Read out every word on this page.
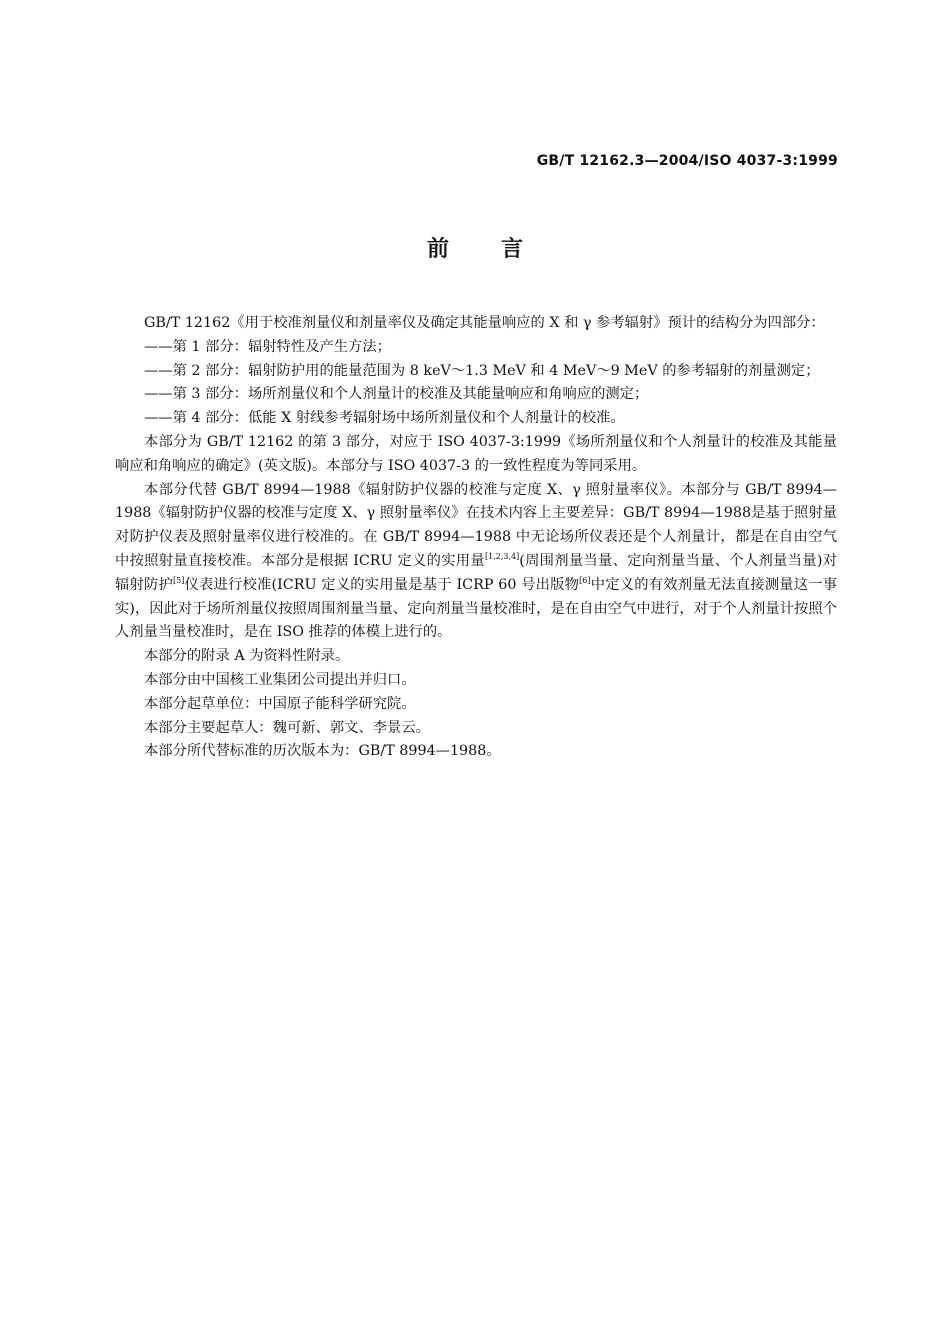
GB/T 12162.3—2004/ISO 4037-3:1999
前言

GB/T 12162《用于校准剂量仪和剂量率仪及确定其能量响应的 X 和 γ 参考辐射》预计的结构分为四部分：

——第 1 部分：辐射特性及产生方法；

——第 2 部分：辐射防护用的能量范围为 8 keV～1.3 MeV 和 4 MeV～9 MeV 的参考辐射的剂量测定；

——第 3 部分：场所剂量仪和个人剂量计的校准及其能量响应和角响应的测定；

——第 4 部分：低能 X 射线参考辐射场中场所剂量仪和个人剂量计的校准。

本部分为 GB/T 12162 的第 3 部分，对应于 ISO 4037-3:1999《场所剂量仪和个人剂量计的校准及其能量响应和角响应的确定》(英文版)。本部分与 ISO 4037-3 的一致性程度为等同采用。

本部分代替 GB/T 8994—1988《辐射防护仪器的校准与定度 X、γ 照射量率仪》。本部分与 GB/T 8994—1988《辐射防护仪器的校准与定度 X、γ 照射量率仪》在技术内容上主要差异：GB/T 8994—1988是基于照射量对防护仪表及照射量率仪进行校准的。在 GB/T 8994—1988 中无论场所仪表还是个人剂量计，都是在自由空气中按照射量直接校准。本部分是根据 ICRU 定义的实用量[1,2,3,4](周围剂量当量、定向剂量当量、个人剂量当量)对辐射防护[5]仪表进行校准(ICRU 定义的实用量是基于 ICRP 60 号出版物[6]中定义的有效剂量无法直接测量这一事实)，因此对于场所剂量仪按照周围剂量当量、定向剂量当量校准时，是在自由空气中进行，对于个人剂量计按照个人剂量当量校准时，是在 ISO 推荐的体模上进行的。

本部分的附录 A 为资料性附录。

本部分由中国核工业集团公司提出并归口。

本部分起草单位：中国原子能科学研究院。

本部分主要起草人：魏可新、郭文、李景云。

本部分所代替标准的历次版本为：GB/T 8994—1988。
